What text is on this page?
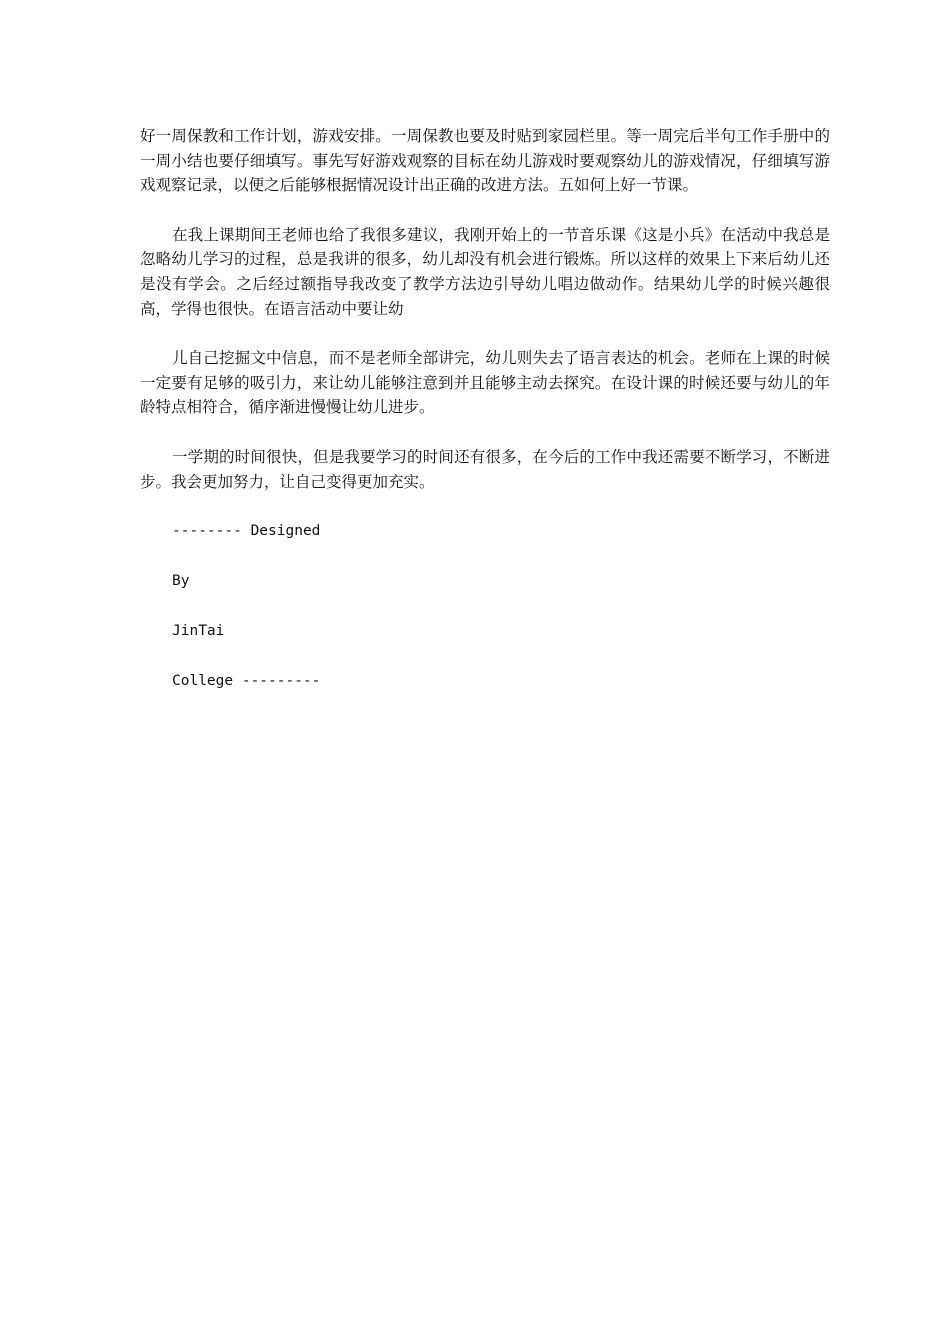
好一周保教和工作计划，游戏安排。一周保教也要及时贴到家园栏里。等一周完后半句工作手册中的一周小结也要仔细填写。事先写好游戏观察的目标在幼儿游戏时要观察幼儿的游戏情况，仔细填写游戏观察记录，以便之后能够根据情况设计出正确的改进方法。五如何上好一节课。

在我上课期间王老师也给了我很多建议，我刚开始上的一节音乐课《这是小兵》在活动中我总是忽略幼儿学习的过程，总是我讲的很多，幼儿却没有机会进行锻炼。所以这样的效果上下来后幼儿还是没有学会。之后经过额指导我改变了教学方法边引导幼儿唱边做动作。结果幼儿学的时候兴趣很高，学得也很快。在语言活动中要让幼

儿自己挖掘文中信息，而不是老师全部讲完，幼儿则失去了语言表达的机会。老师在上课的时候一定要有足够的吸引力，来让幼儿能够注意到并且能够主动去探究。在设计课的时候还要与幼儿的年龄特点相符合，循序渐进慢慢让幼儿进步。

一学期的时间很快，但是我要学习的时间还有很多，在今后的工作中我还需要不断学习，不断进步。我会更加努力，让自己变得更加充实。

-------- Designed
By
JinTai
College ---------
